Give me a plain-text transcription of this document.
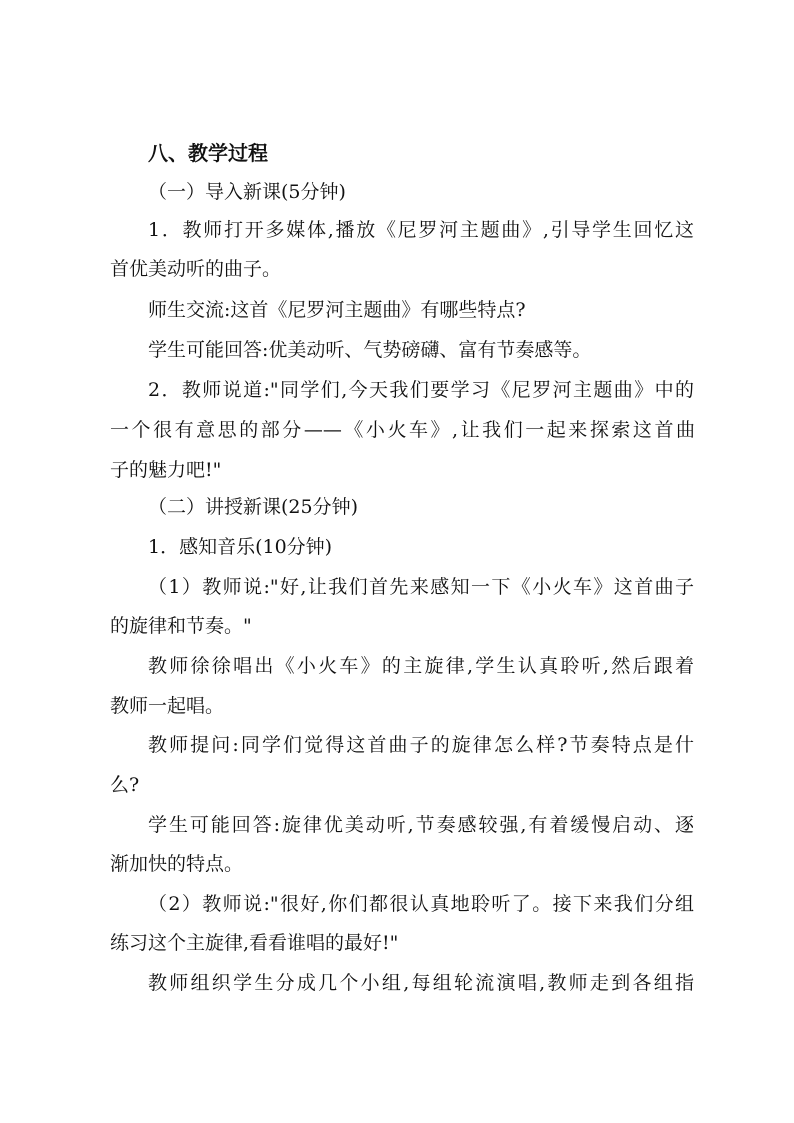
八、教学过程

（一）导入新课(5分钟)

1．教师打开多媒体,播放《尼罗河主题曲》,引导学生回忆这

首优美动听的曲子。

师生交流:这首《尼罗河主题曲》有哪些特点?

学生可能回答:优美动听、气势磅礴、富有节奏感等。

2．教师说道:"同学们,今天我们要学习《尼罗河主题曲》中的

一个很有意思的部分——《小火车》,让我们一起来探索这首曲

子的魅力吧!"

（二）讲授新课(25分钟)

1．感知音乐(10分钟)

（1）教师说:"好,让我们首先来感知一下《小火车》这首曲子

的旋律和节奏。"

教师徐徐唱出《小火车》的主旋律,学生认真聆听,然后跟着

教师一起唱。

教师提问:同学们觉得这首曲子的旋律怎么样?节奏特点是什

么?

学生可能回答:旋律优美动听,节奏感较强,有着缓慢启动、逐

渐加快的特点。

（2）教师说:"很好,你们都很认真地聆听了。接下来我们分组

练习这个主旋律,看看谁唱的最好!"

教师组织学生分成几个小组,每组轮流演唱,教师走到各组指
